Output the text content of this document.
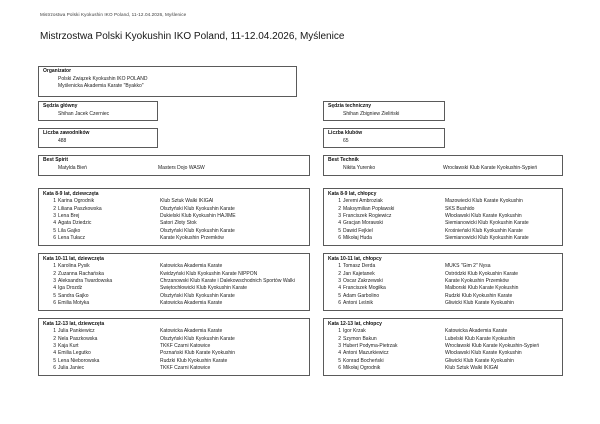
Mistrzostwa Polski Kyokushin IKO Poland, 11-12.04.2026, Myślenice
Mistrzostwa Polski Kyokushin IKO Poland, 11-12.04.2026, Myślenice
Organizator
Polski Związek Kyokushin IKO POLAND
Myślenicka Akademia Karate "Byakko"
Sędzia główny
Shihan Jacek Czerniec
Sędzia techniczny
Shihan Zbigniew Zieliński
Liczba zawodników
488
Liczba klubów
65
Best Spirit
Matylda Bień	Masters Dojo WASW
Best Technik
Nikita Yurenko	Wrocławski Klub Karate Kyokushin-Sypień
Kata 8-9 lat, dziewczęta
1 Karina Ogrodnik	Klub Sztuk Walki IKIGAI
2 Liliana Paszkowska	Olsztyński Klub Kyokushin Karate
3 Lena Brej	Dukielski Klub Kyokushin HAJIME
4 Agata Dziedzic	Satori Złoty Stok
5 Lila Gajko	Olsztyński Klub Kyokushin Karate
6 Lena Tułacz	Karate Kyokushin Przemków
Kata 8-9 lat, chłopcy
1 Jeremi Ambroziak	Mazowiecki Klub Karate Kyokushin
2 Maksymilian Popławski	SKS Bushido
3 Franciszek Rogiewicz	Włocławski Klub Karate Kyokushin
4 Gracjan Morawski	Siemianowicki Klub Kyokushin Karate
5 Dawid Fejkiel	Krośnieński Klub Kyokushin Karate
6 Mikołaj Huda	Siemianowicki Klub Kyokushin Karate
Kata 10-11 lat, dziewczęta
1 Karolina Pysik	Katowicka Akademia Karate
2 Zuzanna Rachańska	Kwidzyński Klub Kyokushin Karate NIPPON
3 Aleksandra Twardowska	Chrzanowski Klub Karate i Dalekowschodnich Sportów Walki
4 Iga Drozdż	Świętochłowicki Klub Kyokushin Karate
5 Sandra Gajko	Olsztyński Klub Kyokushin Karate
6 Emilia Motyka	Katowicka Akademia Karate
Kata 10-11 lat, chłopcy
1 Tomasz Derda	MUKS "Gim 2" Nysa
2 Jan Kajetanek	Ostródzki Klub Kyokushin Karate
3 Oscar Zakrzewski	Karate Kyokushin Przemków
4 Franciszek Mogiłka	Malborski Klub Karate Kyokushin
5 Adam Garbolino	Rudzki Klub Kyokushin Karate
6 Antoni Leśnik	Gliwicki Klub Karate Kyokushin
Kata 12-13 lat, dziewczęta
1 Julia Pankiewicz	Katowicka Akademia Karate
2 Nela Paszkowska	Olsztyński Klub Kyokushin Karate
3 Kaja Kurt	TKKF Czarni Katowice
4 Emilia Legutko	Poznański Klub Karate Kyokushin
5 Lena Nieborowska	Rudzki Klub Kyokushin Karate
6 Julia Janiec	TKKF Czarni Katowice
Kata 12-13 lat, chłopcy
1 Igor Krzak	Katowicka Akademia Karate
2 Szymon Bakun	Lubelski Klub Karate Kyokushin
3 Hubert Podyma-Pietrzak	Wrocławski Klub Karate Kyokushin-Sypień
4 Antoni Mazurkiewicz	Włocławski Klub Karate Kyokushin
5 Konrad Bocheński	Gliwicki Klub Karate Kyokushin
6 Mikołaj Ogrodnik	Klub Sztuk Walki IKIGAI
